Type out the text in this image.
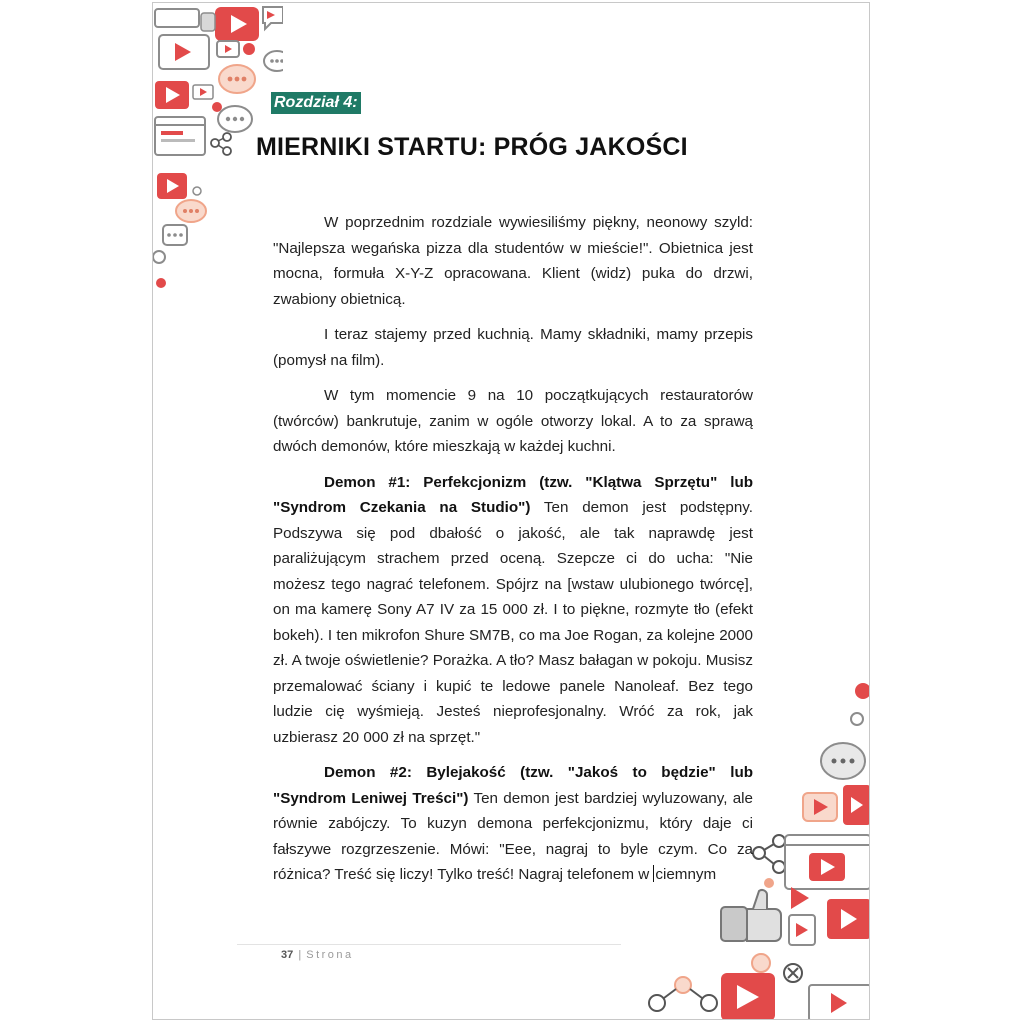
Rozdział 4:
MIERNIKI STARTU: PRÓG JAKOŚCI

W poprzednim rozdziale wywiesiliśmy piękny, neonowy szyld: "Najlepsza wegańska pizza dla studentów w mieście!". Obietnica jest mocna, formuła X-Y-Z opracowana. Klient (widz) puka do drzwi, zwabiony obietnicą.

I teraz stajemy przed kuchnią. Mamy składniki, mamy przepis (pomysł na film).

W tym momencie 9 na 10 początkujących restauratorów (twórców) bankrutuje, zanim w ogóle otworzy lokal. A to za sprawą dwóch demonów, które mieszkają w każdej kuchni.

Demon #1: Perfekcjonizm (tzw. "Klątwa Sprzętu" lub "Syndrom Czekania na Studio") Ten demon jest podstępny. Podszywa się pod dbałość o jakość, ale tak naprawdę jest paraliżującym strachem przed oceną. Szepcze ci do ucha: "Nie możesz tego nagrać telefonem. Spójrz na [wstaw ulubionego twórcę], on ma kamerę Sony A7 IV za 15 000 zł. I to piękne, rozmyte tło (efekt bokeh). I ten mikrofon Shure SM7B, co ma Joe Rogan, za kolejne 2000 zł. A twoje oświetlenie? Porażka. A tło? Masz bałagan w pokoju. Musisz przemalować ściany i kupić te ledowe panele Nanoleaf. Bez tego ludzie cię wyśmieją. Jesteś nieprofesjonalny. Wróć za rok, jak uzbierasz 20 000 zł na sprzęt."

Demon #2: Bylejakość (tzw. "Jakoś to będzie" lub "Syndrom Leniwej Treści") Ten demon jest bardziej wyluzowany, ale równie zabójczy. To kuzyn demona perfekcjonizmu, który daje ci fałszywe rozgrzeszenie. Mówi: "Eee, nagraj to byle czym. Co za różnica? Treść się liczy! Tylko treść! Nagraj telefonem w ciemnym

37 | Strona
